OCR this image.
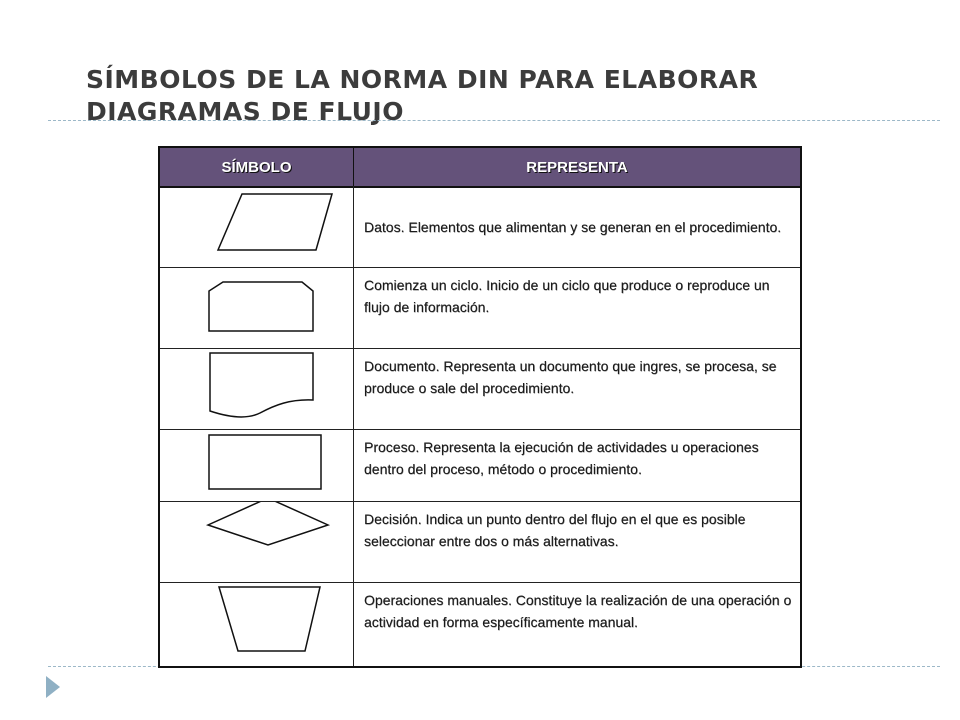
SÍMBOLOS DE LA NORMA DIN PARA ELABORAR
DIAGRAMAS DE FLUJO
SÍMBOLO	REPRESENTA
Datos. Elementos que alimentan y se generan en el procedimiento.
Comienza un ciclo. Inicio de un ciclo que produce o reproduce un flujo de información.
Documento. Representa un documento que ingres, se procesa, se produce o sale del procedimiento.
Proceso. Representa la ejecución de actividades u operaciones dentro del proceso, método o procedimiento.
Decisión. Indica un punto dentro del flujo en el que es posible seleccionar entre dos o más alternativas.
Operaciones manuales. Constituye la realización de una operación o actividad en forma específicamente manual.
